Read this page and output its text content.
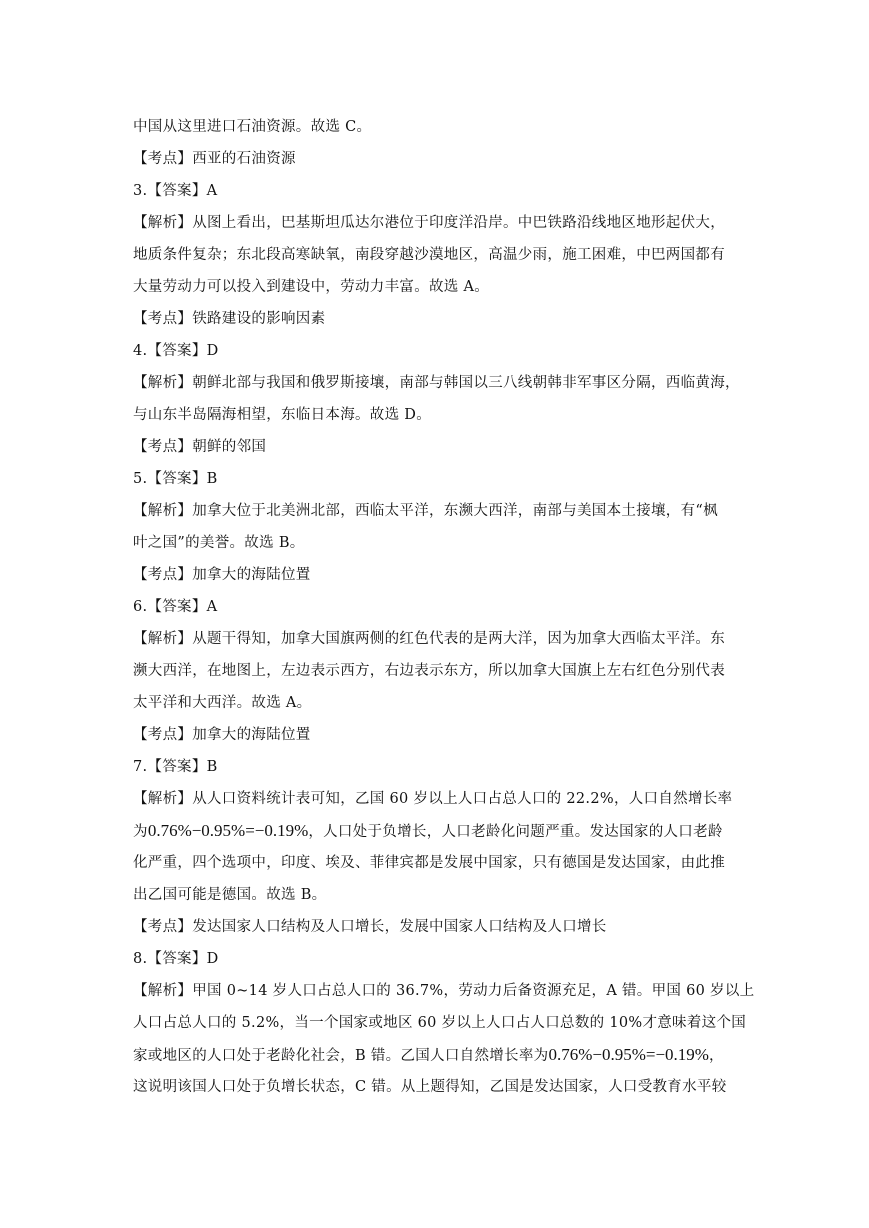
中国从这里进口石油资源。故选 C。
【考点】西亚的石油资源
3.【答案】A
【解析】从图上看出，巴基斯坦瓜达尔港位于印度洋沿岸。中巴铁路沿线地区地形起伏大，
地质条件复杂；东北段高寒缺氧，南段穿越沙漠地区，高温少雨，施工困难，中巴两国都有
大量劳动力可以投入到建设中，劳动力丰富。故选 A。
【考点】铁路建设的影响因素
4.【答案】D
【解析】朝鲜北部与我国和俄罗斯接壤，南部与韩国以三八线朝韩非军事区分隔，西临黄海，
与山东半岛隔海相望，东临日本海。故选 D。
【考点】朝鲜的邻国
5.【答案】B
【解析】加拿大位于北美洲北部，西临太平洋，东濒大西洋，南部与美国本土接壤，有“枫
叶之国”的美誉。故选 B。
【考点】加拿大的海陆位置
6.【答案】A
【解析】从题干得知，加拿大国旗两侧的红色代表的是两大洋，因为加拿大西临太平洋。东
濒大西洋，在地图上，左边表示西方，右边表示东方，所以加拿大国旗上左右红色分别代表
太平洋和大西洋。故选 A。
【考点】加拿大的海陆位置
7.【答案】B
【解析】从人口资料统计表可知，乙国 60 岁以上人口占总人口的 22.2%，人口自然增长率
为0.76%−0.95%=−0.19%，人口处于负增长，人口老龄化问题严重。发达国家的人口老龄
化严重，四个选项中，印度、埃及、菲律宾都是发展中国家，只有德国是发达国家，由此推
出乙国可能是德国。故选 B。
【考点】发达国家人口结构及人口增长，发展中国家人口结构及人口增长
8.【答案】D
【解析】甲国 0~14 岁人口占总人口的 36.7%，劳动力后备资源充足，A 错。甲国 60 岁以上
人口占总人口的 5.2%，当一个国家或地区 60 岁以上人口占人口总数的 10%才意味着这个国
家或地区的人口处于老龄化社会，B 错。乙国人口自然增长率为0.76%−0.95%=−0.19%，
这说明该国人口处于负增长状态，C 错。从上题得知，乙国是发达国家，人口受教育水平较
